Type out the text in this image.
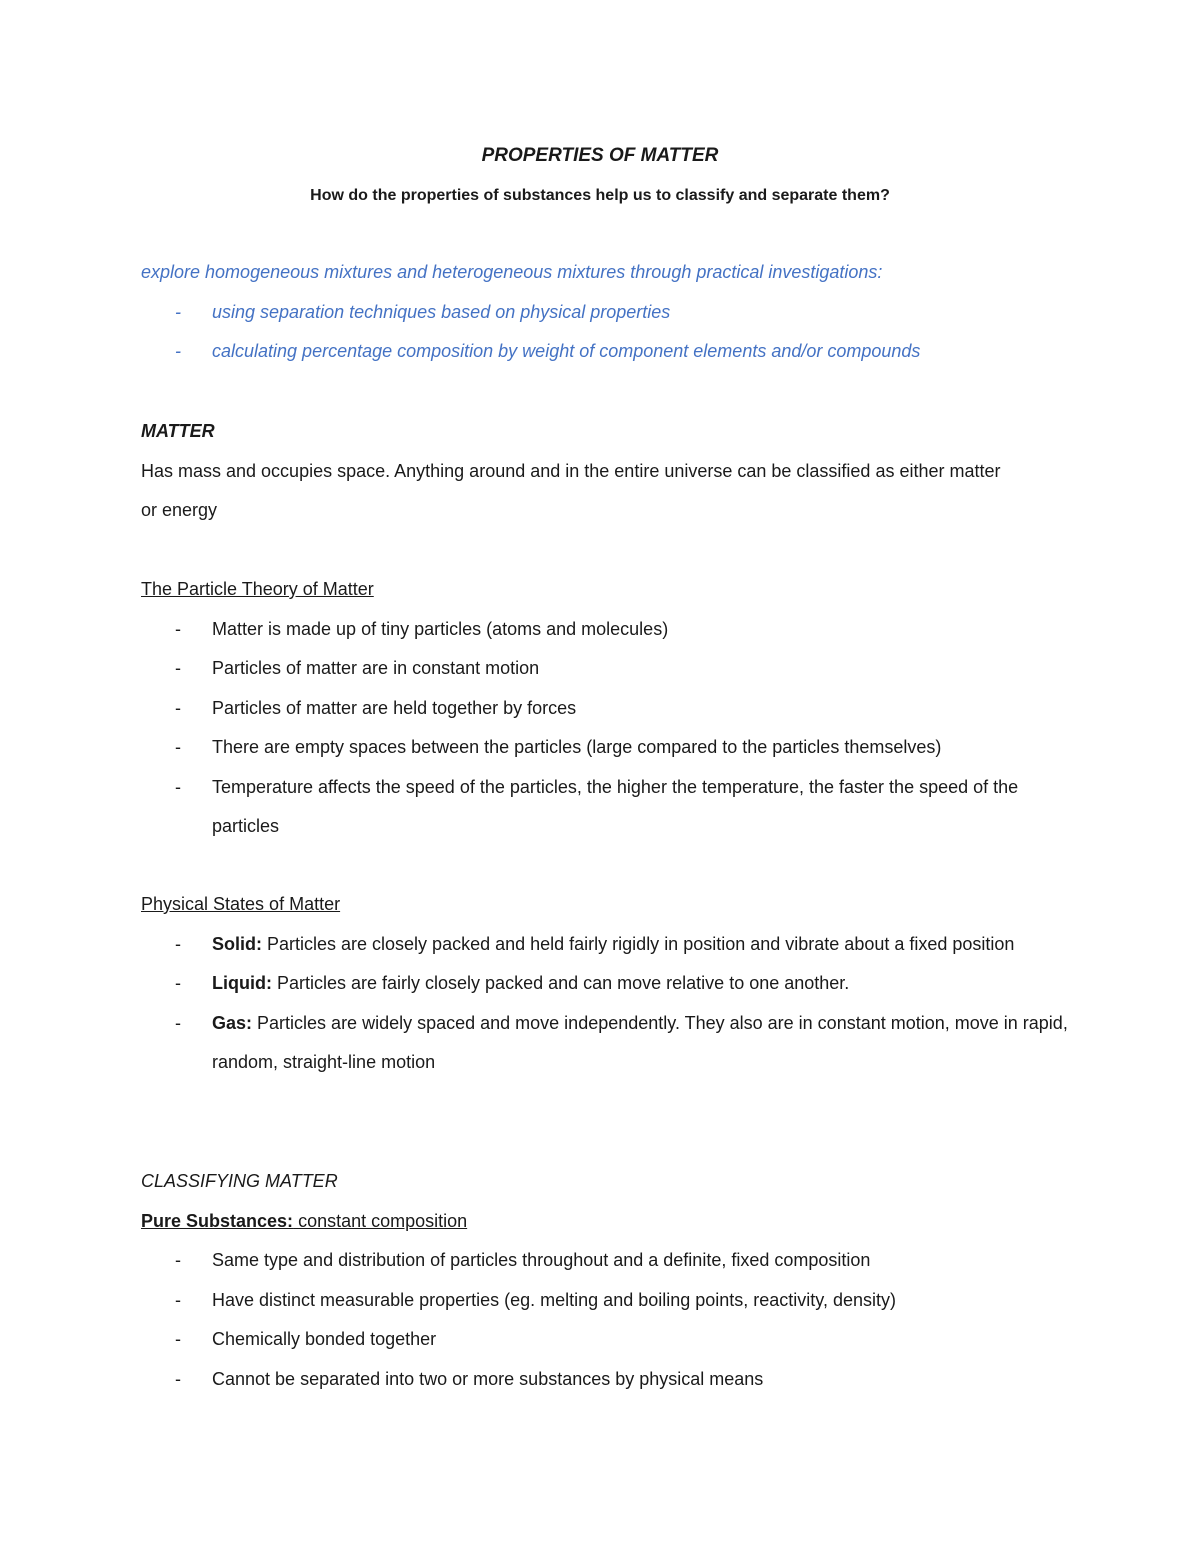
PROPERTIES OF MATTER
How do the properties of substances help us to classify and separate them?
explore homogeneous mixtures and heterogeneous mixtures through practical investigations:
- using separation techniques based on physical properties
- calculating percentage composition by weight of component elements and/or compounds
MATTER
Has mass and occupies space. Anything around and in the entire universe can be classified as either matter or energy
The Particle Theory of Matter
- Matter is made up of tiny particles (atoms and molecules)
- Particles of matter are in constant motion
- Particles of matter are held together by forces
- There are empty spaces between the particles (large compared to the particles themselves)
- Temperature affects the speed of the particles, the higher the temperature, the faster the speed of the particles
Physical States of Matter
- Solid: Particles are closely packed and held fairly rigidly in position and vibrate about a fixed position
- Liquid: Particles are fairly closely packed and can move relative to one another.
- Gas: Particles are widely spaced and move independently. They also are in constant motion, move in rapid, random, straight-line motion
CLASSIFYING MATTER
Pure Substances: constant composition
- Same type and distribution of particles throughout and a definite, fixed composition
- Have distinct measurable properties (eg. melting and boiling points, reactivity, density)
- Chemically bonded together
- Cannot be separated into two or more substances by physical means
